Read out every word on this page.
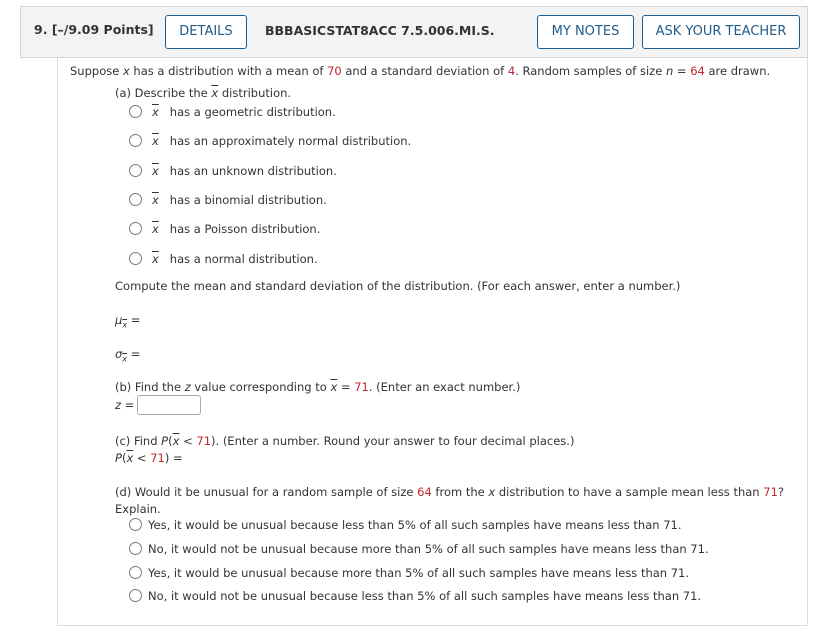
9. [–/9.09 Points]	DETAILS	BBBASICSTAT8ACC 7.5.006.MI.S.	MY NOTES	ASK YOUR TEACHER
Suppose x has a distribution with a mean of 70 and a standard deviation of 4. Random samples of size n = 64 are drawn.
(a) Describe the $\overline{x}$ distribution.
$\overline{x}$ has a geometric distribution.
$\overline{x}$ has an approximately normal distribution.
$\overline{x}$ has an unknown distribution.
$\overline{x}$ has a binomial distribution.
$\overline{x}$ has a Poisson distribution.
$\overline{x}$ has a normal distribution.
Compute the mean and standard deviation of the distribution. (For each answer, enter a number.)
$\mu_{\overline{x}}$ =
$\sigma_{\overline{x}}$ =
(b) Find the z value corresponding to $\overline{x} = 71$. (Enter an exact number.)
z =
(c) Find $P(\overline{x} < 71)$. (Enter a number. Round your answer to four decimal places.)
$P(\overline{x} < 71)$ =
(d) Would it be unusual for a random sample of size 64 from the x distribution to have a sample mean less than 71?
Explain.
Yes, it would be unusual because less than 5% of all such samples have means less than 71.
No, it would not be unusual because more than 5% of all such samples have means less than 71.
Yes, it would be unusual because more than 5% of all such samples have means less than 71.
No, it would not be unusual because less than 5% of all such samples have means less than 71.
